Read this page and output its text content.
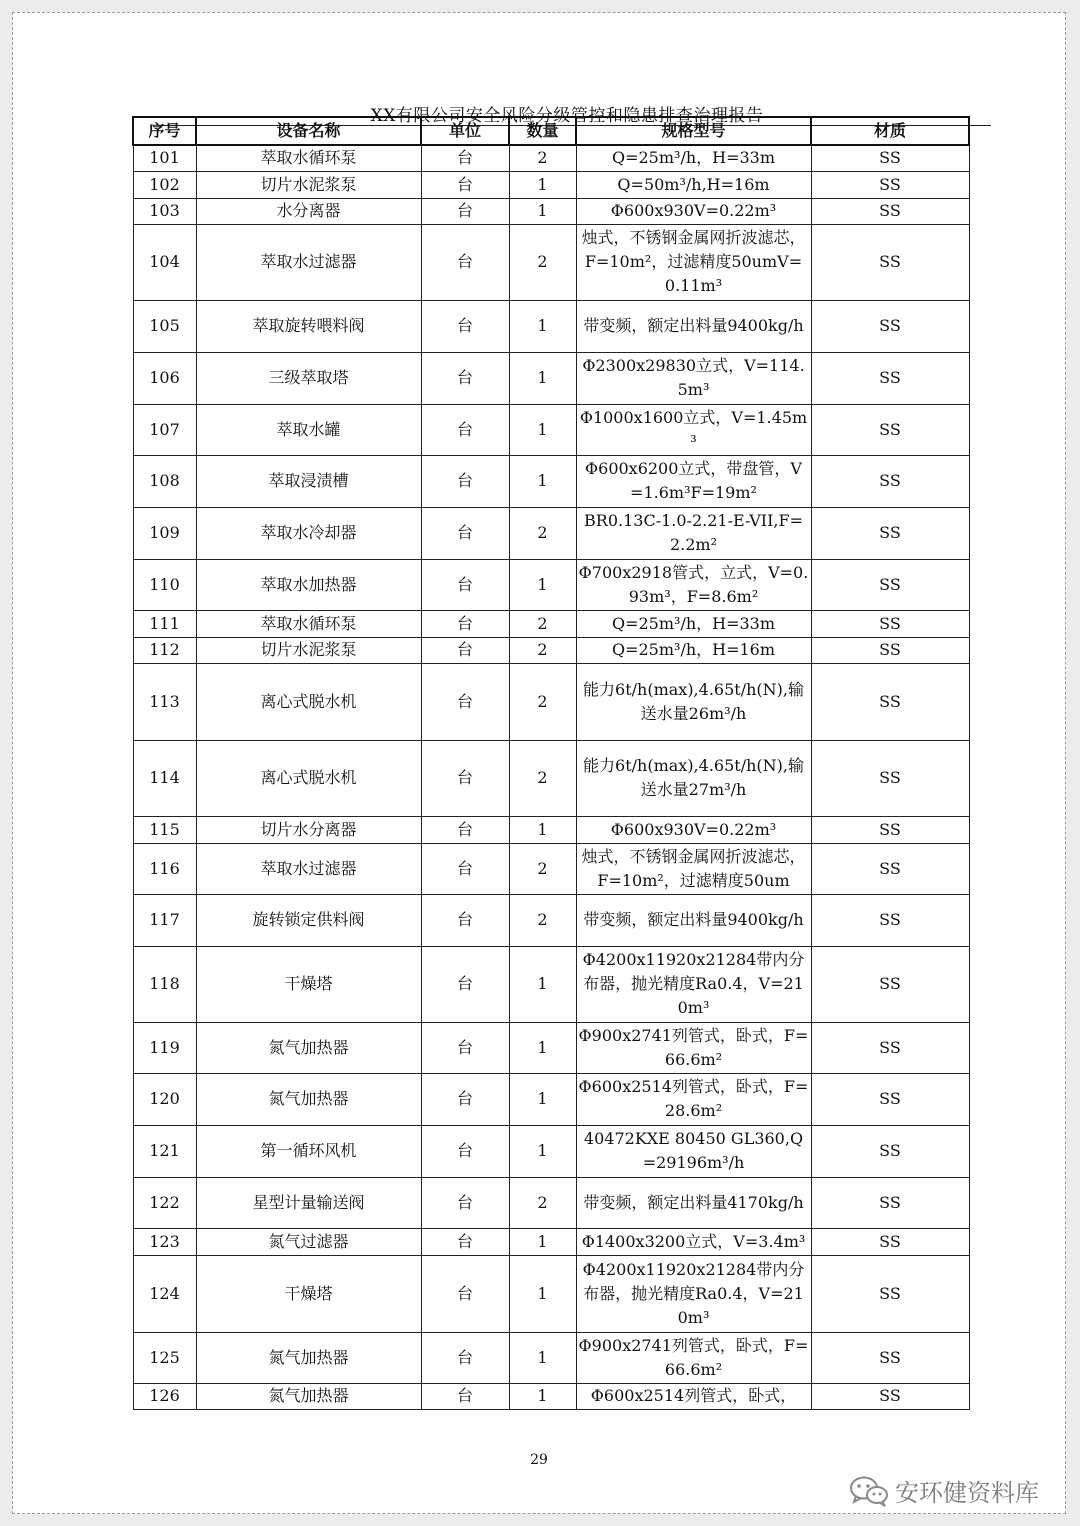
XX有限公司安全风险分级管控和隐患排查治理报告
29
安环健资料库
序号	设备名称	单位	数量	规格型号	材质
101	萃取水循环泵	台	2	Q=25m³/h，H=33m	SS
102	切片水泥浆泵	台	1	Q=50m³/h,H=16m	SS
103	水分离器	台	1	Φ600x930V=0.22m³	SS
104	萃取水过滤器	台	2	烛式，不锈钢金属网折波滤芯，F=10m²，过滤精度50umV=0.11m³	SS
105	萃取旋转喂料阀	台	1	带变频，额定出料量9400kg/h	SS
106	三级萃取塔	台	1	Φ2300x29830立式，V=114.5m³	SS
107	萃取水罐	台	1	Φ1000x1600立式，V=1.45m³	SS
108	萃取浸渍槽	台	1	Φ600x6200立式，带盘管，V=1.6m³F=19m²	SS
109	萃取水冷却器	台	2	BR0.13C-1.0-2.21-E-VII,F=2.2m²	SS
110	萃取水加热器	台	1	Φ700x2918管式，立式，V=0.93m³，F=8.6m²	SS
111	萃取水循环泵	台	2	Q=25m³/h，H=33m	SS
112	切片水泥浆泵	台	2	Q=25m³/h，H=16m	SS
113	离心式脱水机	台	2	能力6t/h(max),4.65t/h(N),输送水量26m³/h	SS
114	离心式脱水机	台	2	能力6t/h(max),4.65t/h(N),输送水量27m³/h	SS
115	切片水分离器	台	1	Φ600x930V=0.22m³	SS
116	萃取水过滤器	台	2	烛式，不锈钢金属网折波滤芯，F=10m²，过滤精度50um	SS
117	旋转锁定供料阀	台	2	带变频，额定出料量9400kg/h	SS
118	干燥塔	台	1	Φ4200x11920x21284带内分布器，抛光精度Ra0.4，V=210m³	SS
119	氮气加热器	台	1	Φ900x2741列管式，卧式，F=66.6m²	SS
120	氮气加热器	台	1	Φ600x2514列管式，卧式，F=28.6m²	SS
121	第一循环风机	台	1	40472KXE 80450 GL360,Q=29196m³/h	SS
122	星型计量输送阀	台	2	带变频，额定出料量4170kg/h	SS
123	氮气过滤器	台	1	Φ1400x3200立式，V=3.4m³	SS
124	干燥塔	台	1	Φ4200x11920x21284带内分布器，抛光精度Ra0.4，V=210m³	SS
125	氮气加热器	台	1	Φ900x2741列管式，卧式，F=66.6m²	SS
126	氮气加热器	台	1	Φ600x2514列管式，卧式，	SS
